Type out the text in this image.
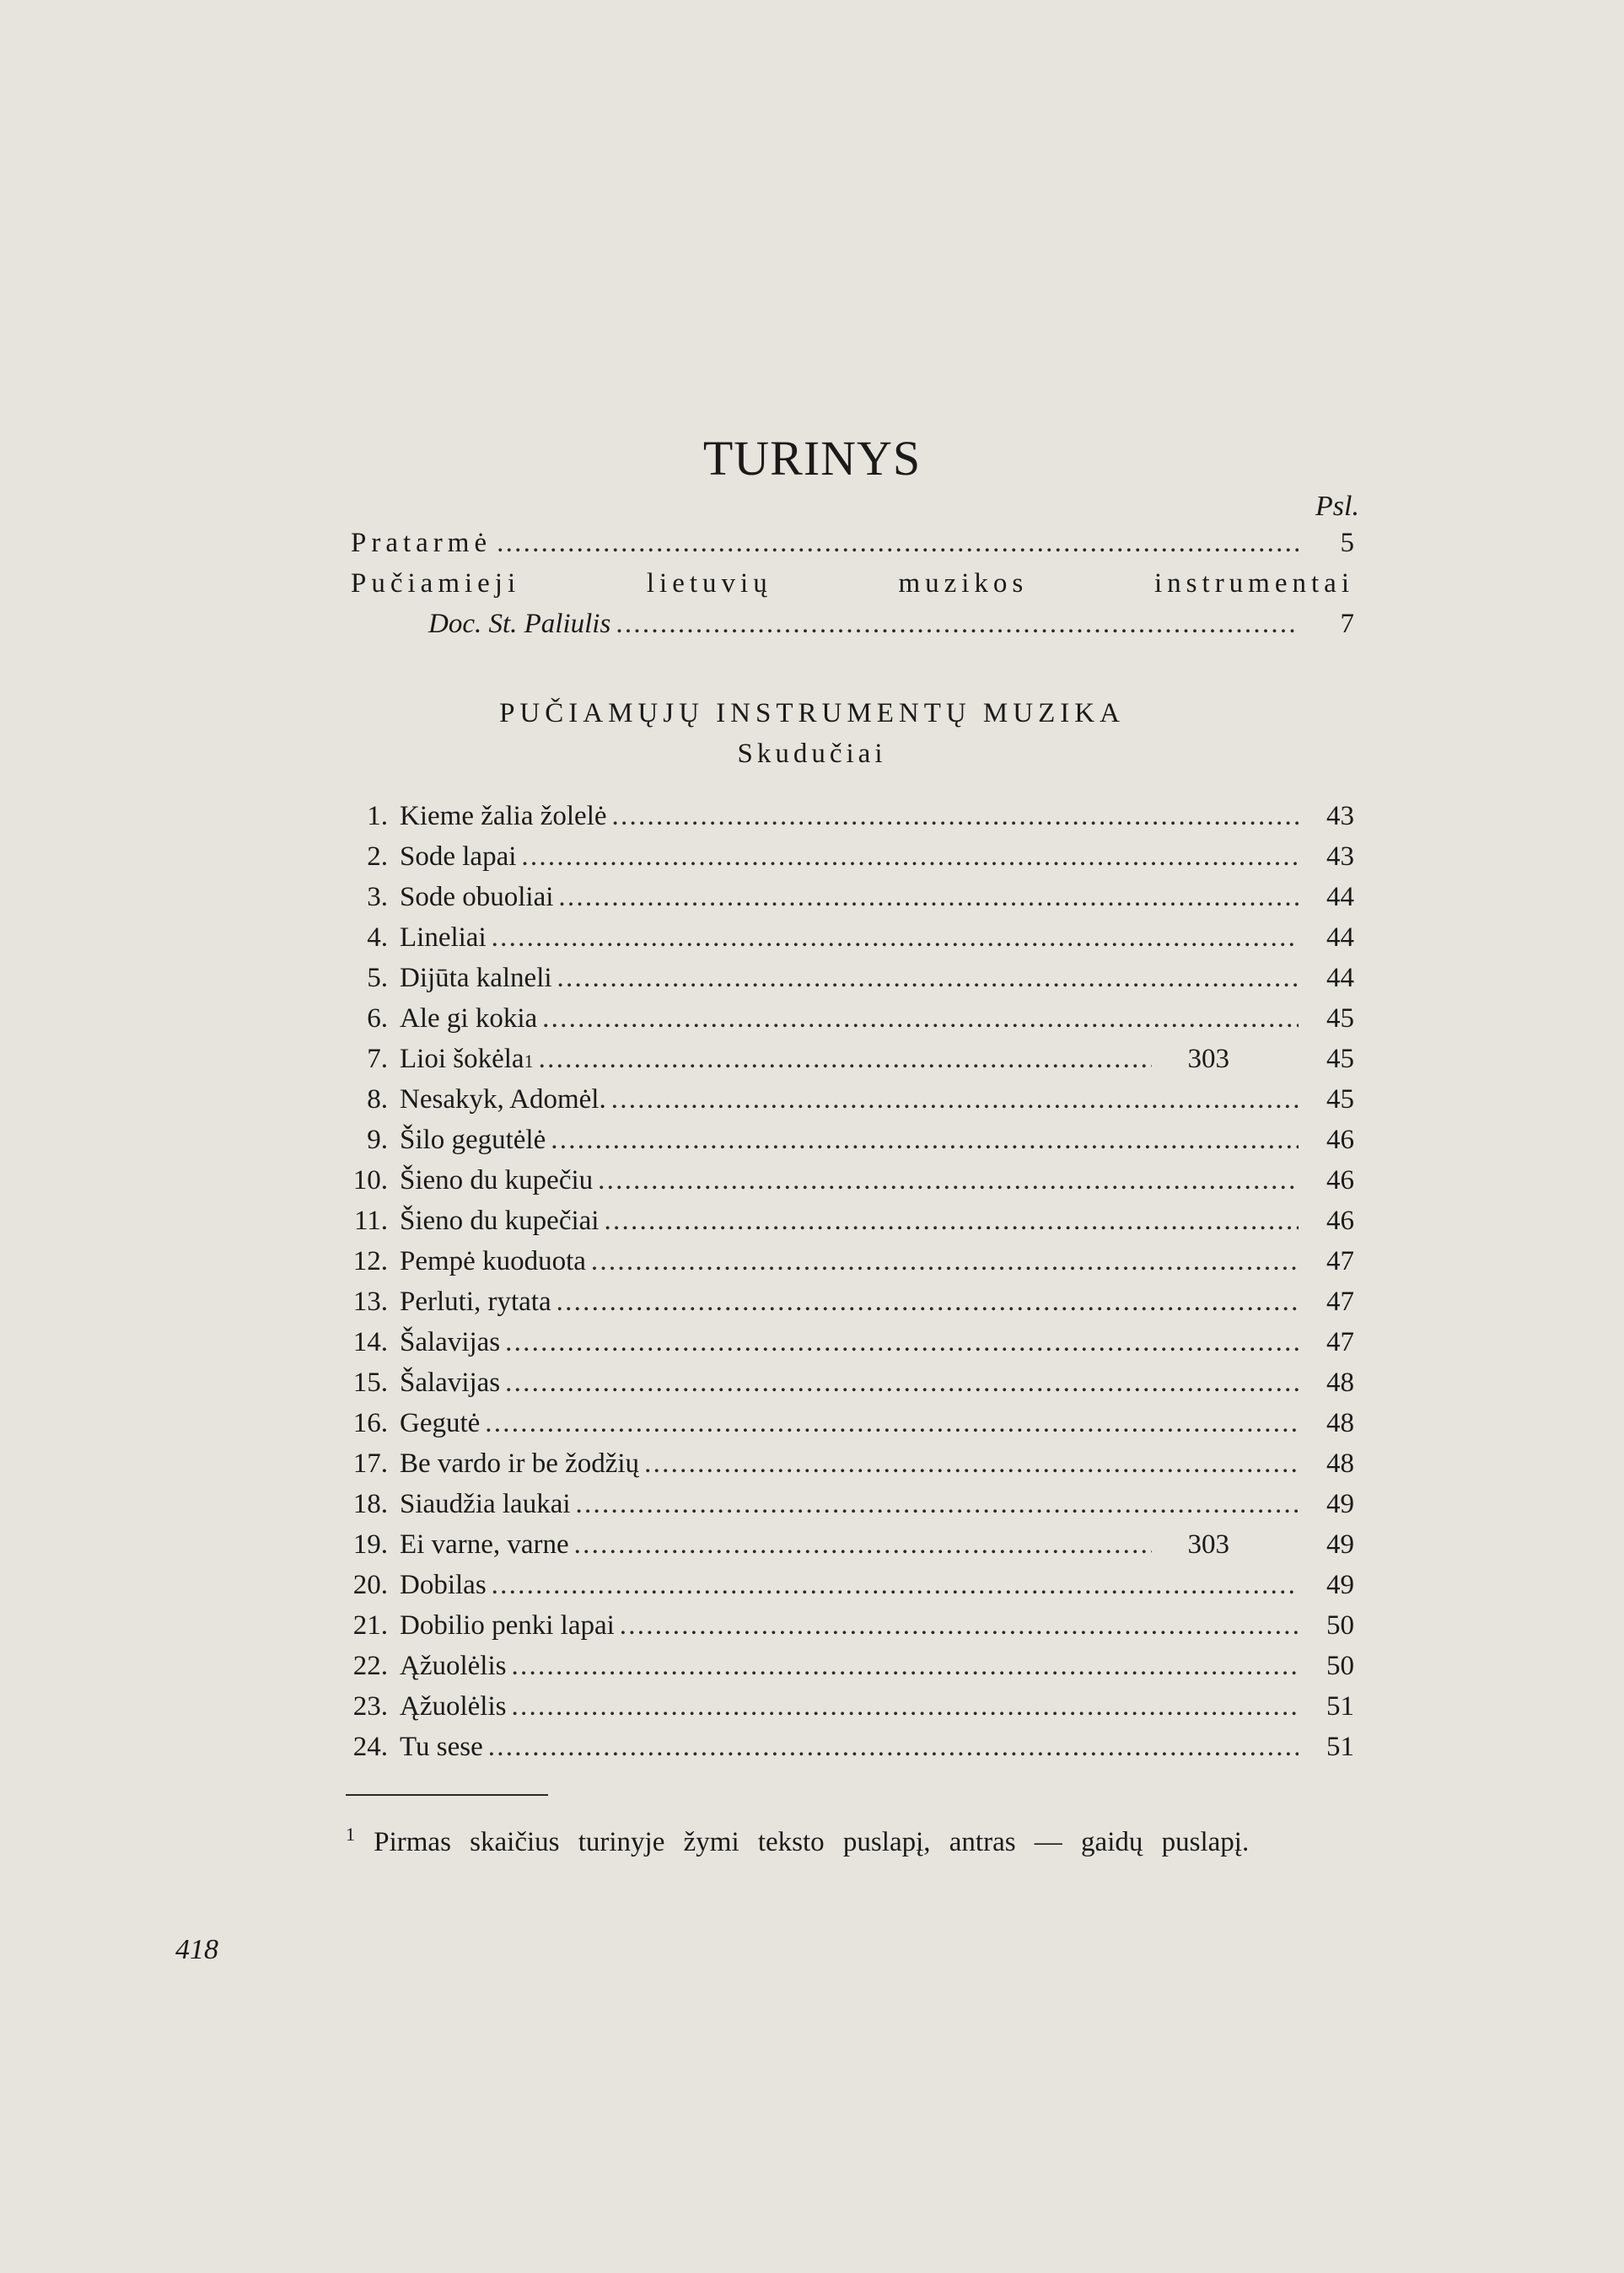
TURINYS
Psl.
Pratarmė . . .	5
Pučiamieji lietuvių muzikos instrumentai
Doc. St. Paliulis . . .	7
PUČIAMŲJŲ INSTRUMENTŲ MUZIKA
Skudučiai
1. Kieme žalia žolelė . . .	43
2. Sode lapai . . .	43
3. Sode obuoliai . . .	44
4. Lineliai . . .	44
5. Dijūta kalneli . . .	44
6. Ale gi kokia . . .	45
7. Lioi šokėla 1 . . .	303	45
8. Nesakyk, Adomėl. . . .	45
9. Šilo gegutėlė . . .	46
10. Šieno du kupečiu . . .	46
11. Šieno du kupečiai . . .	46
12. Pempė kuoduota . . .	47
13. Perluti, rytata . . .	47
14. Šalavijas . . .	47
15. Šalavijas . . .	48
16. Gegutė . . .	48
17. Be vardo ir be žodžių . . .	48
18. Siaudžia laukai . . .	49
19. Ei varne, varne . . .	303	49
20. Dobilas . . .	49
21. Dobilio penki lapai . . .	50
22. Ąžuolėlis . . .	50
23. Ąžuolėlis . . .	51
24. Tu sese . . .	51
$^1$ Pirmas skaičius turinyje žymi teksto puslapį, antras — gaidų puslapį.
418
